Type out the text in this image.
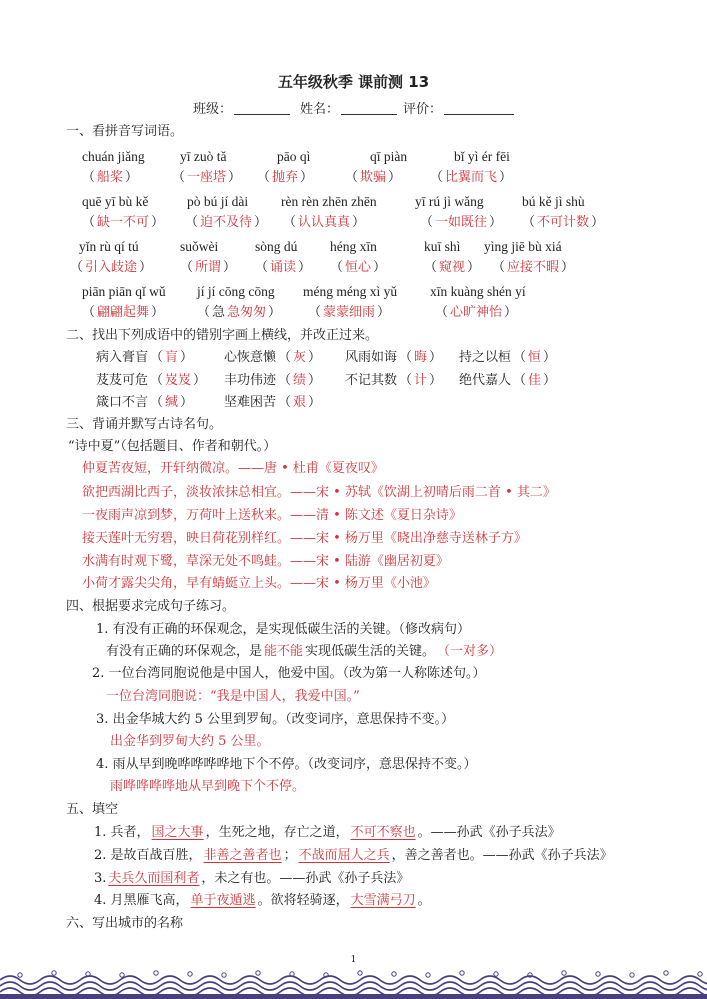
五年级秋季 课前测 13
班级：	姓名：	评价：
一、看拼音写词语。
chuán jiǎng
（ 船桨 ）
yī zuò tǎ
（ 一座塔 ）
pāo qì
（ 抛弃 ）
qī piàn
（ 欺骗 ）
bǐ yì ér fēi
（ 比翼而飞 ）
quē yī bù kě
（ 缺一不可 ）
pò bú jí dài
（ 迫不及待 ）
rèn rèn zhēn zhēn
（ 认认真真 ）
yī rú jì wǎng
（ 一如既往 ）
bú kě jì shù
（ 不可计数 ）
yǐn rù qí tú
（ 引入歧途 ）
suǒwèi
（ 所谓 ）
sòng dú
（ 诵读 ）
héng xīn
（ 恒心 ）
kuī shì
（ 窥视 ）
yìng jiē bù xiá
（ 应接不暇 ）
piān piān qǐ wǔ
（ 翩翩起舞 ）
jí jí cōng cōng
（ 急 急匆匆 ）
méng méng xì yǔ
（ 蒙蒙细雨 ）
xīn kuàng shén yí
（ 心旷神怡 ）
二、找出下列成语中的错别字画上横线，并改正过来。
病入膏盲 （ 肓 ） 心恢意懒 （ 灰 ） 风雨如诲 （ 晦 ） 持之以桓 （ 恒 ）
芨芨可危 （ 岌岌 ） 丰功伟迹 （ 绩 ） 不记其数 （ 计 ） 绝代嘉人 （ 佳 ）
箴口不言 （ 缄 ） 坚难困苦 （ 艰 ）
三、背诵并默写古诗名句。
“诗中夏”（包括题目、作者和朝代。）
仲夏苦夜短，开轩纳微凉。——唐 • 杜甫《夏夜叹》
欲把西湖比西子，淡妆浓抹总相宜。——宋 • 苏轼《饮湖上初晴后雨二首 • 其二》
一夜雨声凉到梦，万荷叶上送秋来。——清 • 陈文述《夏日杂诗》
接天莲叶无穷碧，映日荷花别样红。——宋 • 杨万里《晓出净慈寺送林子方》
水满有时观下鹭，草深无处不鸣蛙。——宋 • 陆游《幽居初夏》
小荷才露尖尖角，早有蜻蜓立上头。——宋 • 杨万里《小池》
四、根据要求完成句子练习。
1. 有没有正确的环保观念，是实现低碳生活的关键。（修改病句）
有没有正确的环保观念，是 能不能 实现低碳生活的关键。 （一对多）
2. 一位台湾同胞说他是中国人，他爱中国。（改为第一人称陈述句。）
一位台湾同胞说：“我是中国人，我爱中国。”
3. 出金华城大约 5 公里到罗甸。（改变词序，意思保持不变。）
出金华到罗甸大约 5 公里。
4. 雨从早到晚哗哗哗哗地下个不停。（改变词序，意思保持不变。）
雨哗哗哗哗地从早到晚下个不停。
五、填空
1. 兵者， 国之大事 ，生死之地，存亡之道， 不可不察也 。——孙武《孙子兵法》
2. 是故百战百胜， 非善之善者也 ； 不战而屈人之兵 ，善之善者也。——孙武《孙子兵法》
3.夫兵久而国利者 ，未之有也。——孙武《孙子兵法》
4. 月黑雁飞高， 单于夜遁逃 。欲将轻骑逐， 大雪满弓刀 。
六、写出城市的名称
1
